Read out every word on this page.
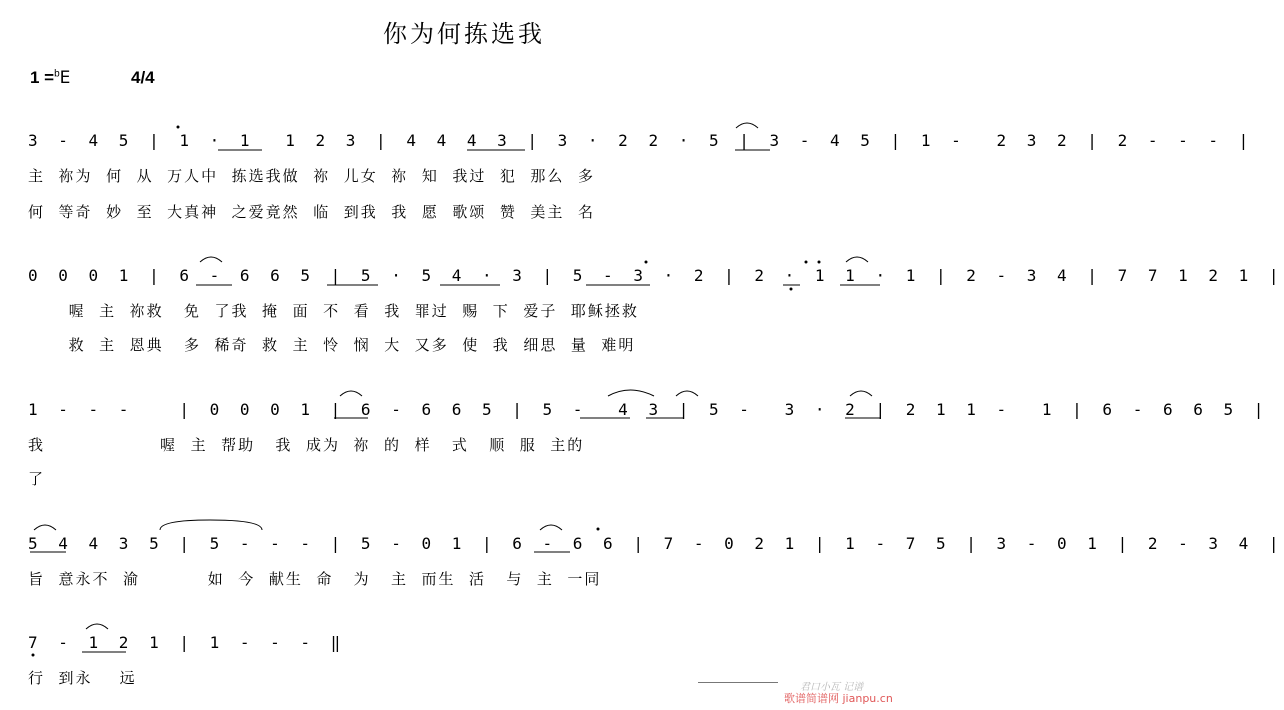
你为何拣选我
1 =$^b$E	4/4
3 - 4 5 | 1 · 1  1 2 3 | 4 4 4 3 | 3 · 2 2 · 5 | 3 - 4 5 | 1 -  2 3 2 | 2 - - - |
主  祢为  何  从  万人中  拣选我做  祢  儿女  祢  知  我过  犯  那么  多
何  等奇  妙  至  大真神  之爱竟然  临  到我  我  愿  歌颂  赞  美主  名
0 0 0 1 | 6 - 6 6 5 | 5 · 5 4 · 3 | 5 - 3 · 2 | 2 · 1 1 · 1 | 2 - 3 4 | 7 7 1 2 1 |
喔  主  祢救   免  了我  掩  面  不  看  我  罪过  赐  下  爱子  耶稣拯救
救  主  恩典   多  稀奇  救  主  怜  悯  大  又多  使  我  细思  量  难明
1 - - -   | 0 0 0 1 | 6 - 6 6 5 | 5 -  4 3 | 5 -  3 · 2 | 2 1 1 -  1 | 6 - 6 6 5 |
我                 喔  主  帮助   我  成为  祢  的  样   式   顺  服  主的
了
5 4 4 3 5 | 5 - - - | 5 - 0 1 | 6 - 6 6 | 7 - 0 2 1 | 1 - 7 5 | 3 - 0 1 | 2 - 3 4 |
旨  意永不  渝          如  今  献生  命   为   主  而生  活   与  主  一同
7 - 1 2 1 | 1 - - - ‖
行  到永    远
君口小瓦 记谱
歌谱简谱网 jianpu.cn
